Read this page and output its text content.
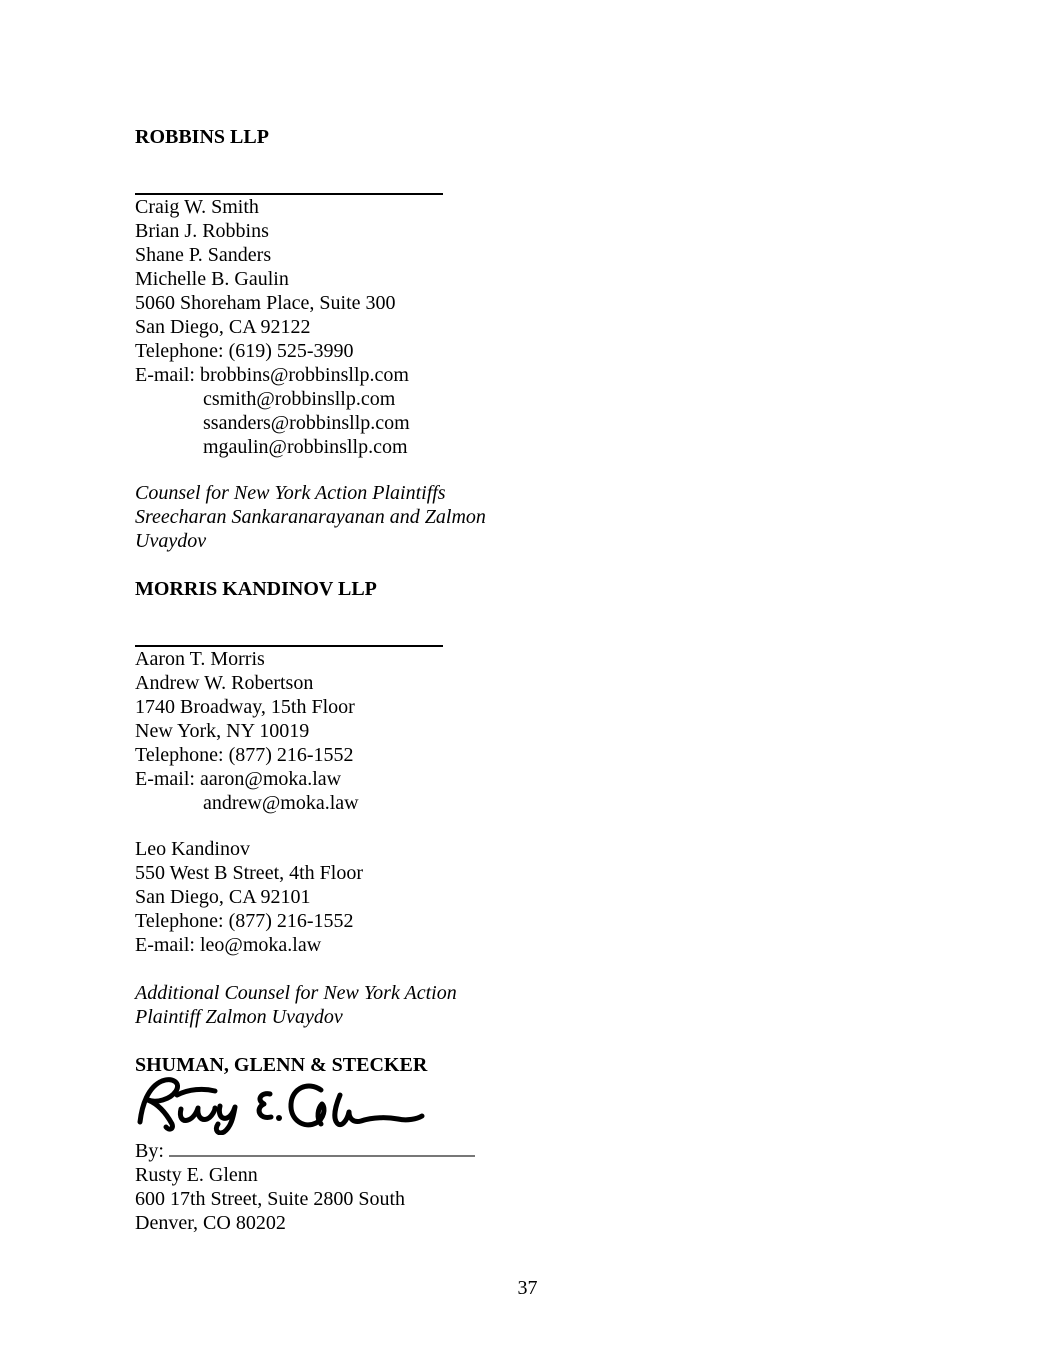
ROBBINS LLP
Craig W. Smith
Brian J. Robbins
Shane P. Sanders
Michelle B. Gaulin
5060 Shoreham Place, Suite 300
San Diego, CA 92122
Telephone: (619) 525-3990
E-mail: brobbins@robbinsllp.com
csmith@robbinsllp.com
ssanders@robbinsllp.com
mgaulin@robbinsllp.com
Counsel for New York Action Plaintiffs
Sreecharan Sankaranarayanan and Zalmon
Uvaydov
MORRIS KANDINOV LLP
Aaron T. Morris
Andrew W. Robertson
1740 Broadway, 15th Floor
New York, NY 10019
Telephone: (877) 216-1552
E-mail: aaron@moka.law
andrew@moka.law
Leo Kandinov
550 West B Street, 4th Floor
San Diego, CA 92101
Telephone: (877) 216-1552
E-mail: leo@moka.law
Additional Counsel for New York Action
Plaintiff Zalmon Uvaydov
SHUMAN, GLENN & STECKER
By:
Rusty E. Glenn
600 17th Street, Suite 2800 South
Denver, CO 80202
37
